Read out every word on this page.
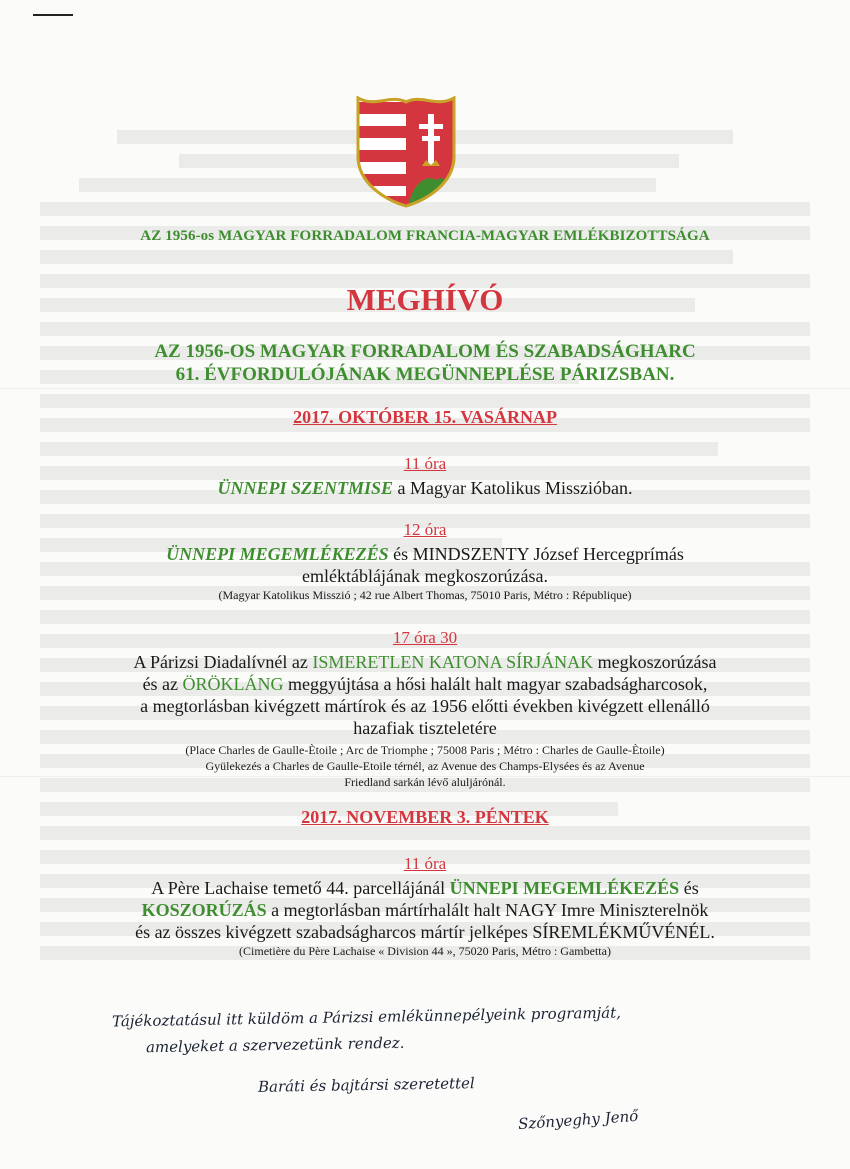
AZ 1956-os MAGYAR FORRADALOM FRANCIA-MAGYAR EMLÉKBIZOTTSÁGA
MEGHÍVÓ
AZ 1956-OS MAGYAR FORRADALOM ÉS SZABADSÁGHARC
61. ÉVFORDULÓJÁNAK MEGÜNNEPLÉSE PÁRIZSBAN.
2017. OKTÓBER 15. VASÁRNAP
11 óra
ÜNNEPI SZENTMISE a Magyar Katolikus Misszióban.
12 óra
ÜNNEPI MEGEMLÉKEZÉS és MINDSZENTY József Hercegprímás
emléktáblájának megkoszorúzása.
(Magyar Katolikus Misszió ; 42 rue Albert Thomas, 75010 Paris, Métro : République)
17 óra 30
A Párizsi Diadalívnél az ISMERETLEN KATONA SÍRJÁNAK megkoszorúzása
és az ÖRÖKLÁNG meggyújtása a hősi halált halt magyar szabadságharcosok,
a megtorlásban kivégzett mártírok és az 1956 előtti években kivégzett ellenálló
hazafiak tiszteletére
(Place Charles de Gaulle-Ètoile ; Arc de Triomphe ; 75008 Paris ; Métro : Charles de Gaulle-Ètoile)
Gyülekezés a Charles de Gaulle-Etoile térnél, az Avenue des Champs-Elysées és az Avenue
Friedland sarkán lévő aluljárónál.
2017. NOVEMBER 3. PÉNTEK
11 óra
A Père Lachaise temető 44. parcellájánál ÜNNEPI MEGEMLÉKEZÉS és
KOSZORÚZÁS a megtorlásban mártírhalált halt NAGY Imre Miniszterelnök
és az összes kivégzett szabadságharcos mártír jelképes SÍREMLÉKMŰVÉNÉL.
(Cimetière du Père Lachaise « Division 44 », 75020 Paris, Métro : Gambetta)
Tájékoztatásul itt küldöm a Párizsi emlékünnepélyeink programját,
amelyeket a szervezetünk rendez.
Baráti és bajtársi szeretettel
Szőnyeghy Jenő
